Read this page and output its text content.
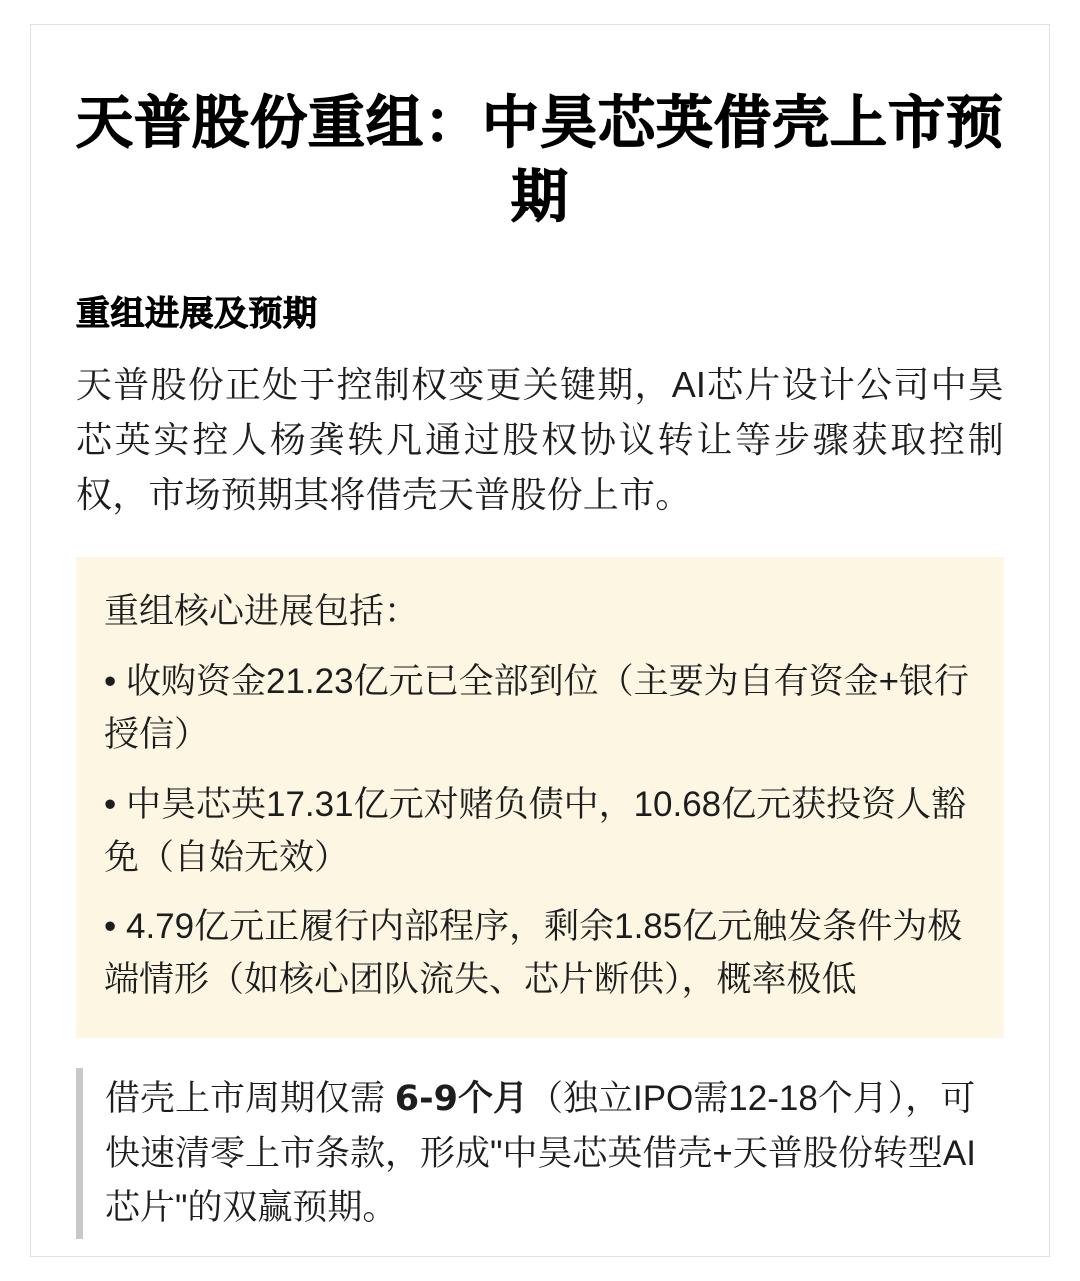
天普股份重组：中昊芯英借壳上市预期
重组进展及预期

天普股份正处于控制权变更关键期，AI芯片设计公司中昊芯英实控人杨龚轶凡通过股权协议转让等步骤获取控制权，市场预期其将借壳天普股份上市。

重组核心进展包括：
• 收购资金21.23亿元已全部到位（主要为自有资金+银行授信）
• 中昊芯英17.31亿元对赌负债中，10.68亿元获投资人豁免（自始无效）
• 4.79亿元正履行内部程序，剩余1.85亿元触发条件为极端情形（如核心团队流失、芯片断供），概率极低
借壳上市周期仅需 6-9个月（独立IPO需12-18个月），可快速清零上市条款，形成"中昊芯英借壳+天普股份转型AI芯片"的双赢预期。
